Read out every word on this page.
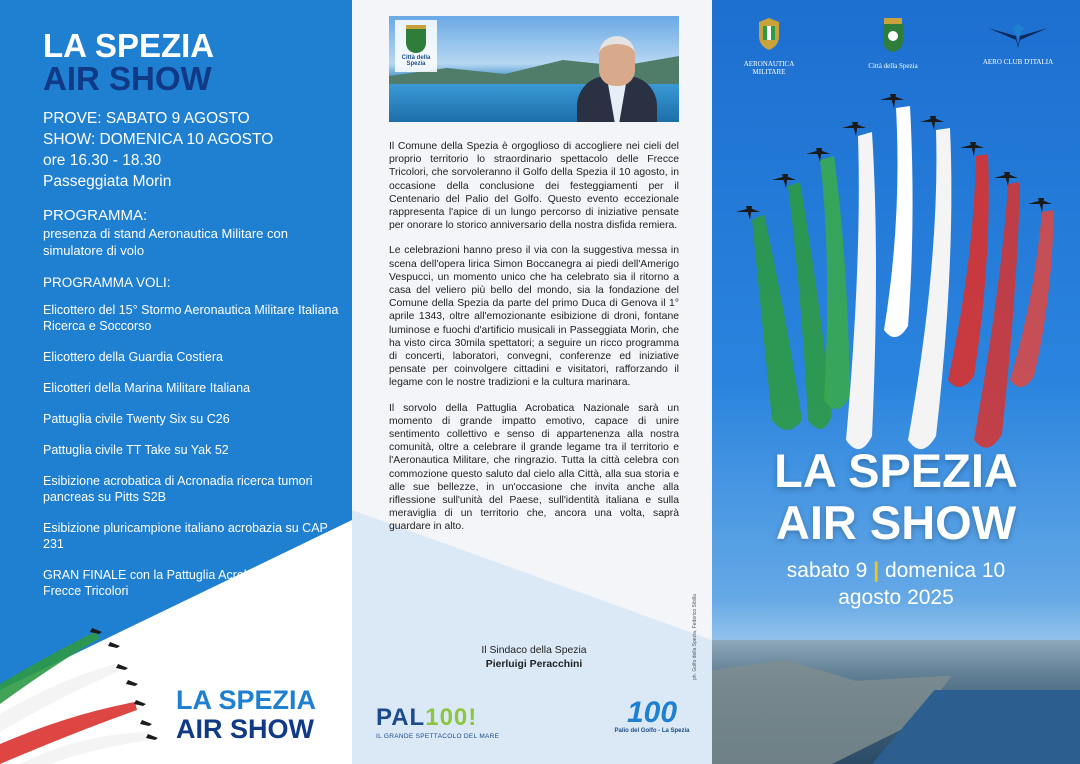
LA SPEZIA
AIR SHOW
PROVE: SABATO 9 AGOSTO
SHOW: DOMENICA 10 AGOSTO
ore 16.30 - 18.30
Passeggiata Morin
PROGRAMMA:
presenza di stand Aeronautica Militare con simulatore di volo
PROGRAMMA VOLI:
Elicottero del 15° Stormo Aeronautica Militare Italiana Ricerca e Soccorso
Elicottero della Guardia Costiera
Elicotteri della Marina Militare Italiana
Pattuglia civile Twenty Six su C26
Pattuglia civile TT Take su Yak 52
Esibizione acrobatica di Acronadia ricerca tumori pancreas su Pitts S2B
Esibizione pluricampione italiano acrobazia su CAP 231
GRAN FINALE con la Pattuglia Acrobatica Nazionale Frecce Tricolori
LA SPEZIA
AIR SHOW
Città della Spezia

Il Comune della Spezia è orgoglioso di accogliere nei cieli del proprio territorio lo straordinario spettacolo delle Frecce Tricolori, che sorvoleranno il Golfo della Spezia il 10 agosto, in occasione della conclusione dei festeggiamenti per il Centenario del Palio del Golfo. Questo evento eccezionale rappresenta l'apice di un lungo percorso di iniziative pensate per onorare lo storico anniversario della nostra disfida remiera.

Le celebrazioni hanno preso il via con la suggestiva messa in scena dell'opera lirica Simon Boccanegra ai piedi dell'Amerigo Vespucci, un momento unico che ha celebrato sia il ritorno a casa del veliero più bello del mondo, sia la fondazione del Comune della Spezia da parte del primo Duca di Genova il 1° aprile 1343, oltre all'emozionante esibizione di droni, fontane luminose e fuochi d'artificio musicali in Passeggiata Morin, che ha visto circa 30mila spettatori; a seguire un ricco programma di concerti, laboratori, convegni, conferenze ed iniziative pensate per coinvolgere cittadini e visitatori, rafforzando il legame con le nostre tradizioni e la cultura marinara.

Il sorvolo della Pattuglia Acrobatica Nazionale sarà un momento di grande impatto emotivo, capace di unire sentimento collettivo e senso di appartenenza alla nostra comunità, oltre a celebrare il grande legame tra il territorio e l'Aeronautica Militare, che ringrazio. Tutta la città celebra con commozione questo saluto dal cielo alla Città, alla sua storia e alle sue bellezze, in un'occasione che invita anche alla riflessione sull'unità del Paese, sull'identità italiana e sulla meraviglia di un territorio che, ancora una volta, saprà guardare in alto.

Il Sindaco della Spezia
Pierluigi Peracchini
PAL100!
IL GRANDE SPETTACOLO DEL MARE
100
Palio del Golfo - La Spezia
AERONAUTICA
MILITARE
Città della Spezia	AERO CLUB D'ITALIA
LA SPEZIA
AIR SHOW
sabato 9 | domenica 10
agosto 2025
ph. Golfo della Spezia, Federico Sibilla
